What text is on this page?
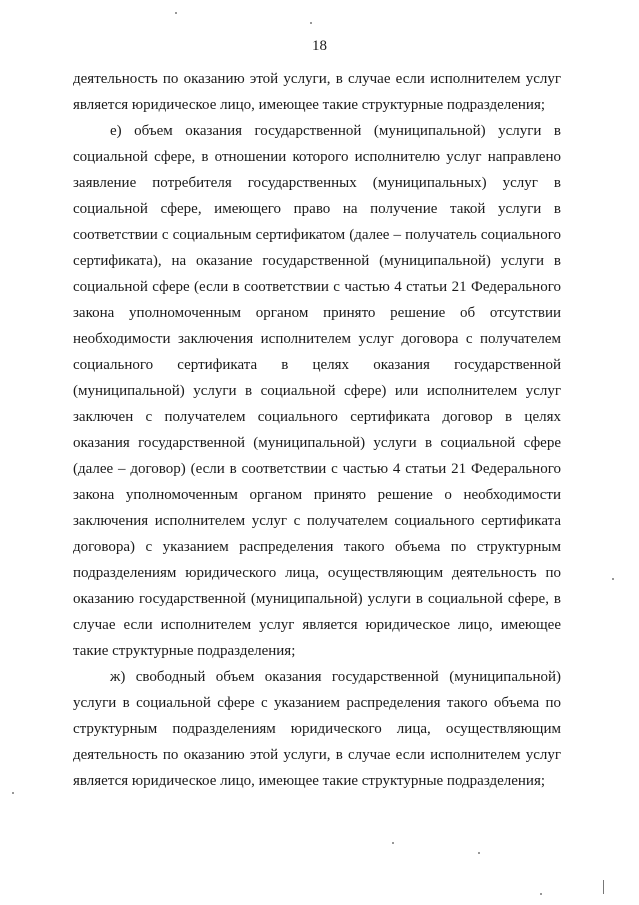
18

деятельность по оказанию этой услуги, в случае если исполнителем услуг является юридическое лицо, имеющее такие структурные подразделения;

е) объем оказания государственной (муниципальной) услуги в социальной сфере, в отношении которого исполнителю услуг направлено заявление потребителя государственных (муниципальных) услуг в социальной сфере, имеющего право на получение такой услуги в соответствии с социальным сертификатом (далее – получатель социального сертификата), на оказание государственной (муниципальной) услуги в социальной сфере (если в соответствии с частью 4 статьи 21 Федерального закона уполномоченным органом принято решение об отсутствии необходимости заключения исполнителем услуг договора с получателем социального сертификата в целях оказания государственной (муниципальной) услуги в социальной сфере) или исполнителем услуг заключен с получателем социального сертификата договор в целях оказания государственной (муниципальной) услуги в социальной сфере (далее – договор) (если в соответствии с частью 4 статьи 21 Федерального закона уполномоченным органом принято решение о необходимости заключения исполнителем услуг с получателем социального сертификата договора) с указанием распределения такого объема по структурным подразделениям юридического лица, осуществляющим деятельность по оказанию государственной (муниципальной) услуги в социальной сфере, в случае если исполнителем услуг является юридическое лицо, имеющее такие структурные подразделения;

ж) свободный объем оказания государственной (муниципальной) услуги в социальной сфере с указанием распределения такого объема по структурным подразделениям юридического лица, осуществляющим деятельность по оказанию этой услуги, в случае если исполнителем услуг является юридическое лицо, имеющее такие структурные подразделения;
